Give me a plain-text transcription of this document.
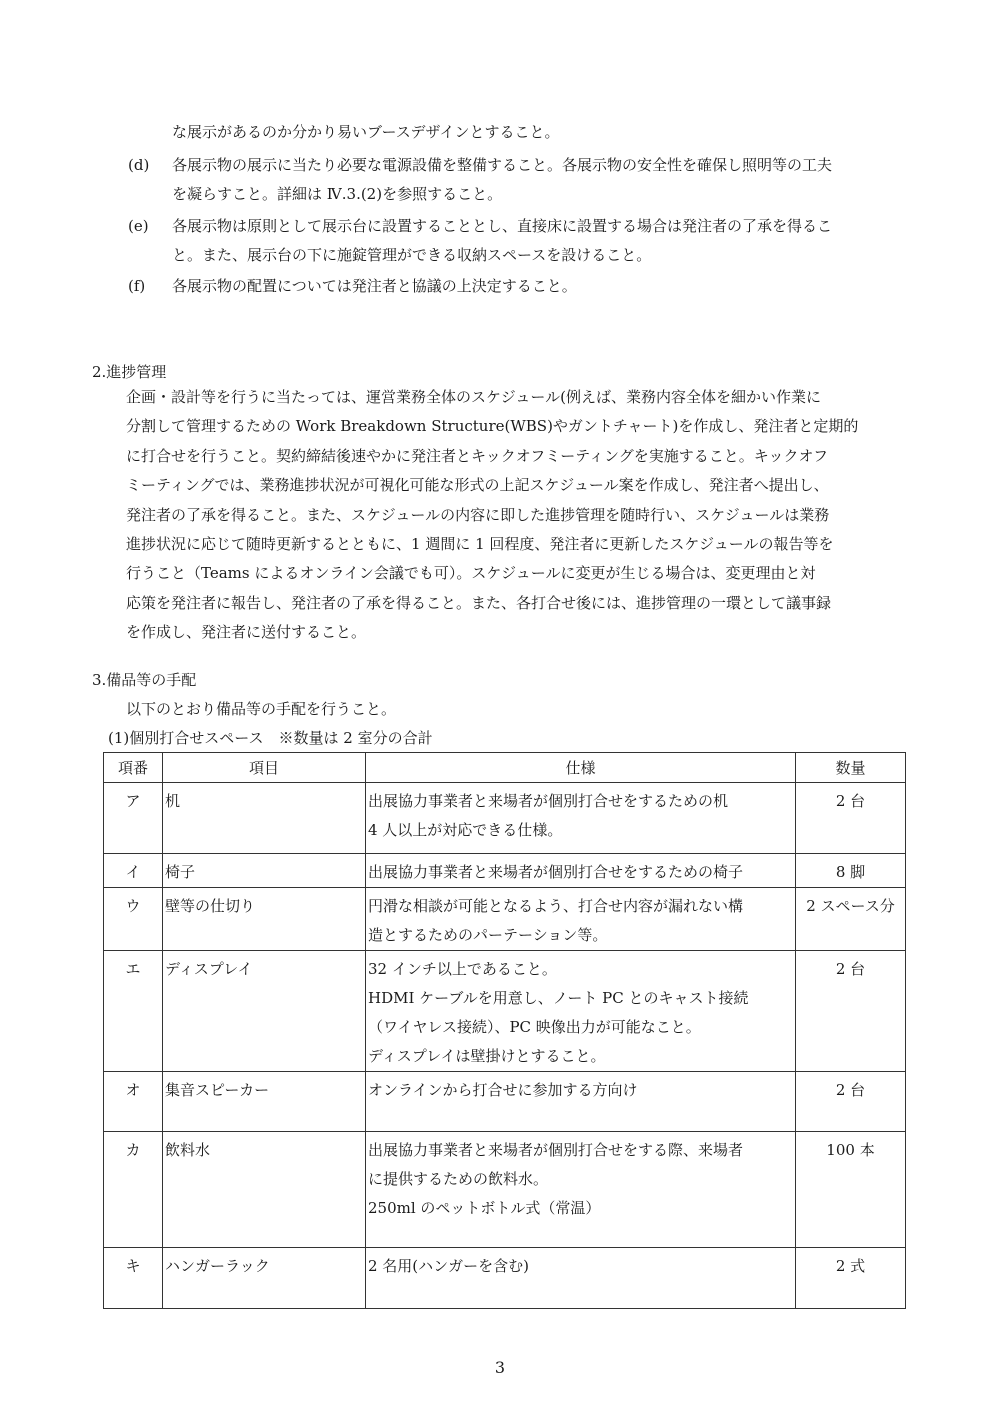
な展示があるのか分かり易いブースデザインとすること。
(d) 各展示物の展示に当たり必要な電源設備を整備すること。各展示物の安全性を確保し照明等の工夫
を凝らすこと。詳細は Ⅳ.3.(2)を参照すること。
(e) 各展示物は原則として展示台に設置することとし、直接床に設置する場合は発注者の了承を得るこ
と。また、展示台の下に施錠管理ができる収納スペースを設けること。
(f) 各展示物の配置については発注者と協議の上決定すること。
2.進捗管理
企画・設計等を行うに当たっては、運営業務全体のスケジュール(例えば、業務内容全体を細かい作業に
分割して管理するための Work Breakdown Structure(WBS)やガントチャート)を作成し、発注者と定期的
に打合せを行うこと。契約締結後速やかに発注者とキックオフミーティングを実施すること。キックオフ
ミーティングでは、業務進捗状況が可視化可能な形式の上記スケジュール案を作成し、発注者へ提出し、
発注者の了承を得ること。また、スケジュールの内容に即した進捗管理を随時行い、スケジュールは業務
進捗状況に応じて随時更新するとともに、1 週間に 1 回程度、発注者に更新したスケジュールの報告等を
行うこと（Teams によるオンライン会議でも可）。スケジュールに変更が生じる場合は、変更理由と対
応策を発注者に報告し、発注者の了承を得ること。また、各打合せ後には、進捗管理の一環として議事録
を作成し、発注者に送付すること。
3.備品等の手配
以下のとおり備品等の手配を行うこと。
(1)個別打合せスペース　※数量は 2 室分の合計
項番	項目	仕様	数量
ア	机	出展協力事業者と来場者が個別打合せをするための机
4 人以上が対応できる仕様。	2 台
イ	椅子	出展協力事業者と来場者が個別打合せをするための椅子	8 脚
ウ	壁等の仕切り	円滑な相談が可能となるよう、打合せ内容が漏れない構
造とするためのパーテーション等。	2 スペース分
エ	ディスプレイ	32 インチ以上であること。
HDMI ケーブルを用意し、ノート PC とのキャスト接続
（ワイヤレス接続）、PC 映像出力が可能なこと。
ディスプレイは壁掛けとすること。	2 台
オ	集音スピーカー	オンラインから打合せに参加する方向け	2 台
カ	飲料水	出展協力事業者と来場者が個別打合せをする際、来場者
に提供するための飲料水。
250ml のペットボトル式（常温）	100 本
キ	ハンガーラック	2 名用(ハンガーを含む)	2 式
3
